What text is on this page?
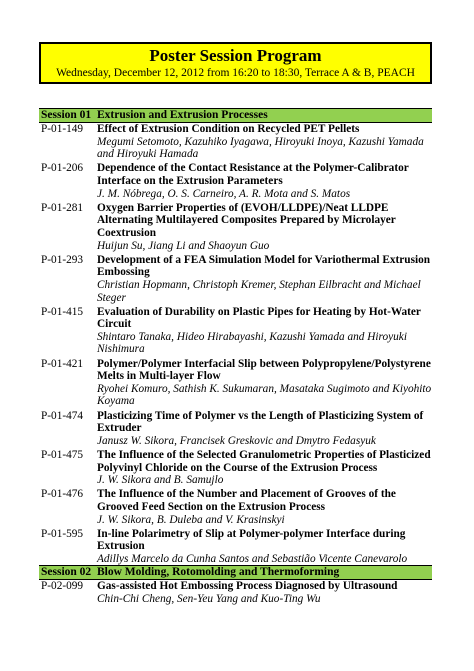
Poster Session Program
Wednesday, December 12, 2012 from 16:20 to 18:30, Terrace A & B, PEACH
Session 01 Extrusion and Extrusion Processes
P-01-149 Effect of Extrusion Condition on Recycled PET Pellets
Megumi Setomoto, Kazuhiko Iyagawa, Hiroyuki Inoya, Kazushi Yamada and Hiroyuki Hamada
P-01-206 Dependence of the Contact Resistance at the Polymer-Calibrator Interface on the Extrusion Parameters
J. M. Nóbrega, O. S. Carneiro, A. R. Mota and S. Matos
P-01-281 Oxygen Barrier Properties of (EVOH/LLDPE)/Neat LLDPE Alternating Multilayered Composites Prepared by Microlayer Coextrusion
Huijun Su, Jiang Li and Shaoyun Guo
P-01-293 Development of a FEA Simulation Model for Variothermal Extrusion Embossing
Christian Hopmann, Christoph Kremer, Stephan Eilbracht and Michael Steger
P-01-415 Evaluation of Durability on Plastic Pipes for Heating by Hot-Water Circuit
Shintaro Tanaka, Hideo Hirabayashi, Kazushi Yamada and Hiroyuki Nishimura
P-01-421 Polymer/Polymer Interfacial Slip between Polypropylene/Polystyrene Melts in Multi-layer Flow
Ryohei Komuro, Sathish K. Sukumaran, Masataka Sugimoto and Kiyohito Koyama
P-01-474 Plasticizing Time of Polymer vs the Length of Plasticizing System of Extruder
Janusz W. Sikora, Francisek Greskovic and Dmytro Fedasyuk
P-01-475 The Influence of the Selected Granulometric Properties of Plasticized Polyvinyl Chloride on the Course of the Extrusion Process
J. W. Sikora and B. Samujlo
P-01-476 The Influence of the Number and Placement of Grooves of the Grooved Feed Section on the Extrusion Process
J. W. Sikora, B. Duleba and V. Krasinskyi
P-01-595 In-line Polarimetry of Slip at Polymer-polymer Interface during Extrusion
Adillys Marcelo da Cunha Santos and Sebastião Vicente Canevarolo
Session 02 Blow Molding, Rotomolding and Thermoforming
P-02-099 Gas-assisted Hot Embossing Process Diagnosed by Ultrasound
Chin-Chi Cheng, Sen-Yeu Yang and Kuo-Ting Wu
